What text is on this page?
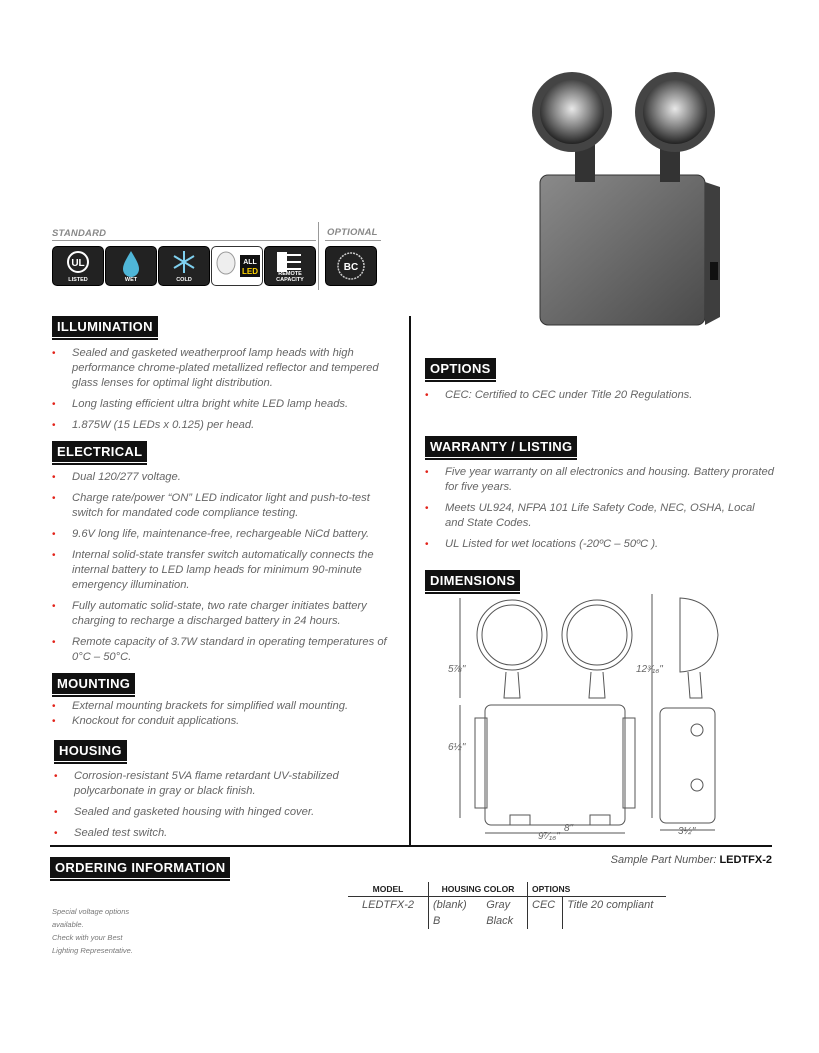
STANDARD	OPTIONAL
UL
LISTED	WET	COLD
ALL
LED	REMOTE CAPACITY
BC
ILLUMINATION
• Sealed and gasketed weatherproof lamp heads with high performance chrome-plated metallized reflector and tempered glass lenses for optimal light distribution.
• Long lasting efficient ultra bright white LED lamp heads.
• 1.875W (15 LEDs x 0.125) per head.
ELECTRICAL
• Dual 120/277 voltage.
• Charge rate/power “ON” LED indicator light and push-to-test switch for mandated code compliance testing.
• 9.6V long life, maintenance-free, rechargeable NiCd battery.
• Internal solid-state transfer switch automatically connects the internal battery to LED lamp heads for minimum 90-minute emergency illumination.
• Fully automatic solid-state, two rate charger initiates battery charging to recharge a discharged battery in 24 hours.
• Remote capacity of 3.7W standard in operating temperatures of 0°C – 50°C.
MOUNTING
• External mounting brackets for simplified wall mounting.
• Knockout for conduit applications.
HOUSING
• Corrosion-resistant 5VA flame retardant UV-stabilized polycarbonate in gray or black finish.
• Sealed and gasketed housing with hinged cover.
• Sealed test switch.
OPTIONS
• CEC: Certified to CEC under Title 20 Regulations.
WARRANTY / LISTING
• Five year warranty on all electronics and housing. Battery prorated for five years.
• Meets UL924, NFPA 101 Life Safety Code, NEC, OSHA, Local and State Codes.
• UL Listed for wet locations (-20ºC – 50ºC ).
DIMENSIONS
5⅞"
6½"
12³⁄₁₆"
9⁷⁄₁₆"
8"	3½"
ORDERING INFORMATION	Sample Part Number: LEDTFX-2
Special voltage options
available.
Check with your Best
Lighting Representative.
MODEL	HOUSING COLOR		OPTIONS	
LEDTFX-2	(blank)	Gray	CEC	Title 20 compliant
	B	Black		
